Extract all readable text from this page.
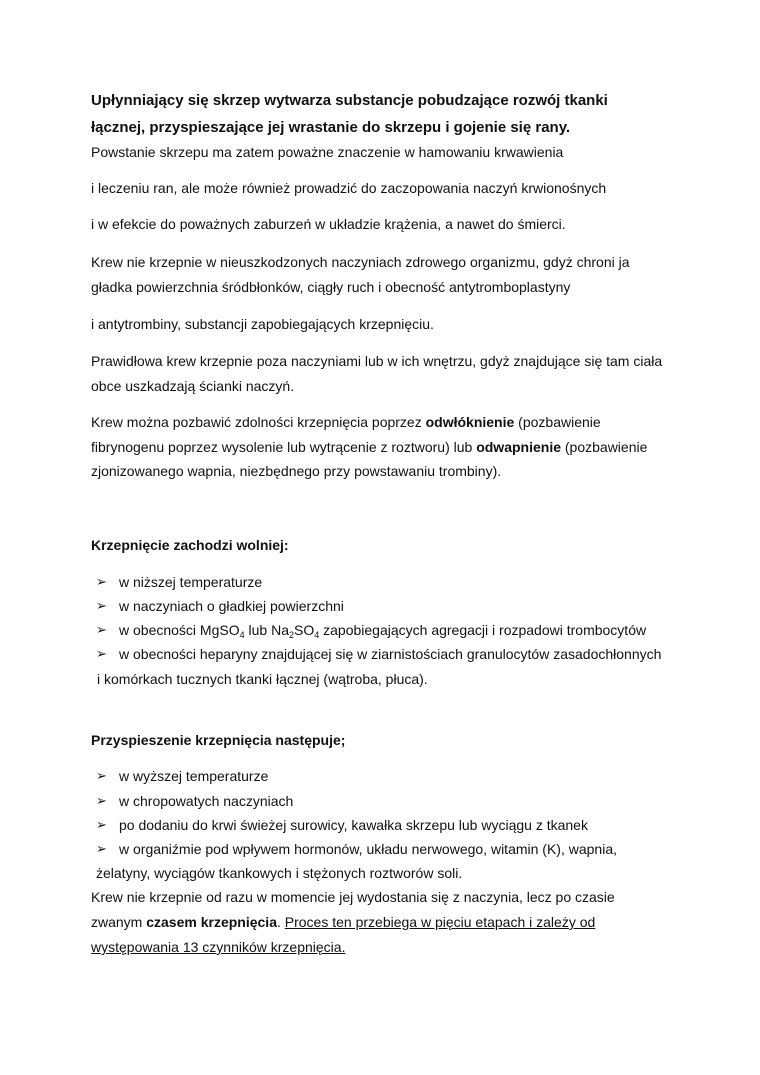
Upłynniający się skrzep wytwarza substancje pobudzające rozwój tkanki
łącznej, przyspieszające jej wrastanie do skrzepu i gojenie się rany.
Powstanie skrzepu ma zatem poważne znaczenie w hamowaniu krwawienia
i leczeniu ran, ale może również prowadzić do zaczopowania naczyń krwionośnych
i w efekcie do poważnych zaburzeń w układzie krążenia, a nawet do śmierci.
Krew nie krzepnie w nieuszkodzonych naczyniach zdrowego organizmu, gdyż chroni ja
gładka powierzchnia śródbłonków, ciągły ruch i obecność antytromboplastyny
i antytrombiny, substancji zapobiegających krzepnięciu.
Prawidłowa krew krzepnie poza naczyniami lub w ich wnętrzu, gdyż znajdujące się tam ciała
obce uszkadzają ścianki naczyń.
Krew można pozbawić zdolności krzepnięcia poprzez odwłóknienie (pozbawienie
fibrynogenu poprzez wysolenie lub wytrącenie z roztworu) lub odwapnienie (pozbawienie
zjonizowanego wapnia, niezbędnego przy powstawaniu trombiny).
Krzepnięcie zachodzi wolniej:
➢ w niższej temperaturze
➢ w naczyniach o gładkiej powierzchni
➢ w obecności MgSO$_4$ lub $Na_2SO_4$ zapobiegających agregacji i rozpadowi trombocytów
➢ w obecności heparyny znajdującej się w ziarnistościach granulocytów zasadochłonnych
i komórkach tucznych tkanki łącznej (wątroba, płuca).
Przyspieszenie krzepnięcia następuje;
➢ w wyższej temperaturze
➢ w chropowatych naczyniach
➢ po dodaniu do krwi świeżej surowicy, kawałka skrzepu lub wyciągu z tkanek
➢ w organiźmie pod wpływem hormonów, układu nerwowego, witamin (K), wapnia,
żelatyny, wyciągów tkankowych i stężonych roztworów soli.
Krew nie krzepnie od razu w momencie jej wydostania się z naczynia, lecz po czasie
zwanym czasem krzepnięcia. Proces ten przebiega w pięciu etapach i zależy od
występowania 13 czynników krzepnięcia.
